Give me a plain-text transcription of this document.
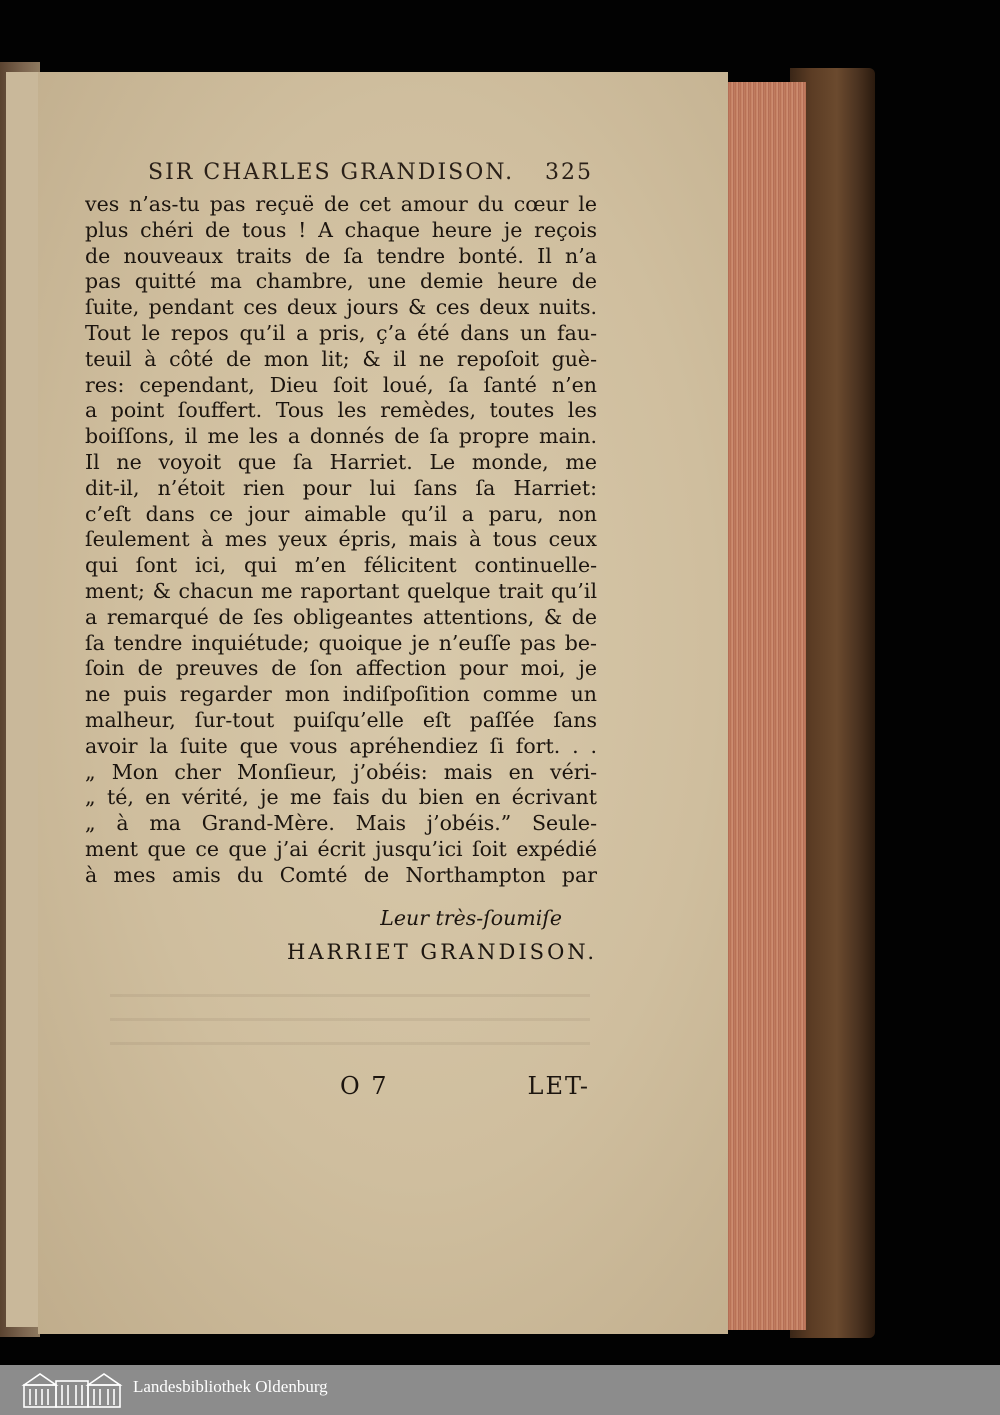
SIR CHARLES GRANDISON. 325
ves n’as-tu pas reçuë de cet amour du cœur le
plus chéri de tous ! A chaque heure je reçois
de nouveaux traits de ſa tendre bonté. Il n’a
pas quitté ma chambre, une demie heure de
ſuite, pendant ces deux jours & ces deux nuits.
Tout le repos qu’il a pris, ç’a été dans un fau-
teuil à côté de mon lit; & il ne repoſoit guè-
res: cependant, Dieu ſoit loué, ſa ſanté n’en
a point ſouffert. Tous les remèdes, toutes les
boiſſons, il me les a donnés de ſa propre main.
Il ne voyoit que ſa Harriet. Le monde, me
dit-il, n’étoit rien pour lui ſans ſa Harriet:
c’eſt dans ce jour aimable qu’il a paru, non
ſeulement à mes yeux épris, mais à tous ceux
qui ſont ici, qui m’en félicitent continuelle-
ment; & chacun me raportant quelque trait qu’il
a remarqué de ſes obligeantes attentions, & de
ſa tendre inquiétude; quoique je n’euſſe pas be-
ſoin de preuves de ſon affection pour moi, je
ne puis regarder mon indiſpoſition comme un
malheur, ſur-tout puiſqu’elle eſt paſſée ſans
avoir la ſuite que vous apréhendiez ſi fort. . .
„ Mon cher Monſieur, j’obéis: mais en véri-
„ té, en vérité, je me fais du bien en écrivant
„ à ma Grand-Mère. Mais j’obéis.” Seule-
ment que ce que j’ai écrit jusqu’ici ſoit expédié
à mes amis du Comté de Northampton par
Leur très-ſoumiſe
HARRIET GRANDISON.
O 7	LET-
Landesbibliothek Oldenburg
